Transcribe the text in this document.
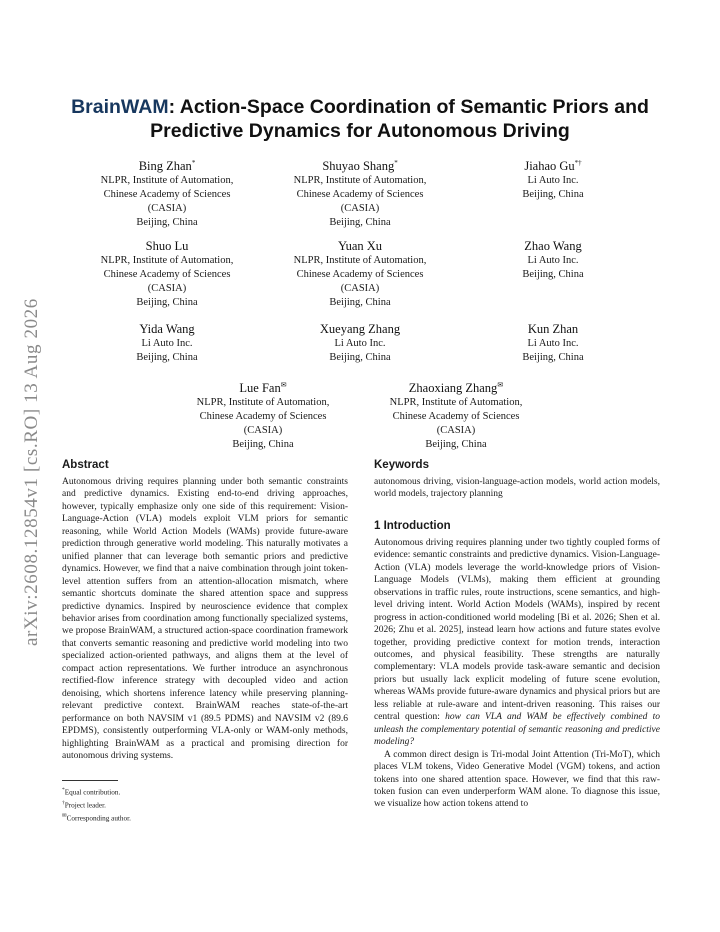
arXiv:2608.12854v1 [cs.RO] 13 Aug 2026
BrainWAM: Action-Space Coordination of Semantic Priors and
Predictive Dynamics for Autonomous Driving
Bing Zhan*
NLPR, Institute of Automation,
Chinese Academy of Sciences
(CASIA)
Beijing, China
Shuyao Shang*
NLPR, Institute of Automation,
Chinese Academy of Sciences
(CASIA)
Beijing, China
Jiahao Gu*†
Li Auto Inc.
Beijing, China
Shuo Lu
NLPR, Institute of Automation,
Chinese Academy of Sciences
(CASIA)
Beijing, China
Yuan Xu
NLPR, Institute of Automation,
Chinese Academy of Sciences
(CASIA)
Beijing, China
Zhao Wang
Li Auto Inc.
Beijing, China
Yida Wang
Li Auto Inc.
Beijing, China
Xueyang Zhang
Li Auto Inc.
Beijing, China
Kun Zhan
Li Auto Inc.
Beijing, China
Lue Fan✉
NLPR, Institute of Automation,
Chinese Academy of Sciences
(CASIA)
Beijing, China
Zhaoxiang Zhang✉
NLPR, Institute of Automation,
Chinese Academy of Sciences
(CASIA)
Beijing, China
Abstract

Autonomous driving requires planning under both semantic constraints and predictive dynamics. Existing end-to-end driving approaches, however, typically emphasize only one side of this requirement: Vision-Language-Action (VLA) models exploit VLM priors for semantic reasoning, while World Action Models (WAMs) provide future-aware prediction through generative world modeling. This naturally motivates a unified planner that can leverage both semantic priors and predictive dynamics. However, we find that a naive combination through joint token-level attention suffers from an attention-allocation mismatch, where semantic shortcuts dominate the shared attention space and suppress predictive dynamics. Inspired by neuroscience evidence that complex behavior arises from coordination among functionally specialized systems, we propose BrainWAM, a structured action-space coordination framework that converts semantic reasoning and predictive world modeling into two specialized action-oriented pathways, and aligns them at the level of compact action representations. We further introduce an asynchronous rectified-flow inference strategy with decoupled video and action denoising, which shortens inference latency while preserving planning-relevant predictive context. BrainWAM reaches state-of-the-art performance on both NAVSIM v1 (89.5 PDMS) and NAVSIM v2 (89.6 EPDMS), consistently outperforming VLA-only or WAM-only methods, highlighting BrainWAM as a practical and promising direction for autonomous driving systems.

*Equal contribution.
†Project leader.
✉Corresponding author.
Keywords

autonomous driving, vision-language-action models, world action models, world models, trajectory planning

1 Introduction

Autonomous driving requires planning under two tightly coupled forms of evidence: semantic constraints and predictive dynamics. Vision-Language-Action (VLA) models leverage the world-knowledge priors of Vision-Language Models (VLMs), making them efficient at grounding observations in traffic rules, route instructions, scene semantics, and high-level driving intent. World Action Models (WAMs), inspired by recent progress in action-conditioned world modeling [Bi et al. 2026; Shen et al. 2026; Zhu et al. 2025], instead learn how actions and future states evolve together, providing predictive context for motion trends, interaction outcomes, and physical feasibility. These strengths are naturally complementary: VLA models provide task-aware semantic and decision priors but usually lack explicit modeling of future scene evolution, whereas WAMs provide future-aware dynamics and physical priors but are less reliable at rule-aware and intent-driven reasoning. This raises our central question: how can VLA and WAM be effectively combined to unleash the complementary potential of semantic reasoning and predictive modeling?

A common direct design is Tri-modal Joint Attention (Tri-MoT), which places VLM tokens, Video Generative Model (VGM) tokens, and action tokens into one shared attention space. However, we find that this raw-token fusion can even underperform WAM alone. To diagnose this issue, we visualize how action tokens attend to
